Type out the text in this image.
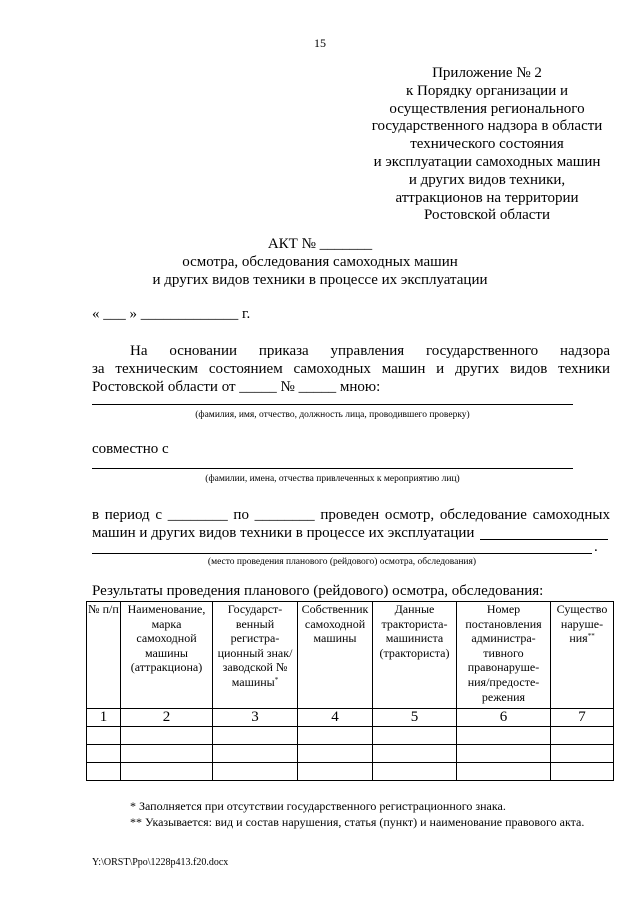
15
Приложение № 2
к Порядку организации и
осуществления регионального
государственного надзора в области
технического состояния
и эксплуатации самоходных машин
и других видов техники,
аттракционов на территории
Ростовской области
АКТ № _______
осмотра, обследования самоходных машин
и других видов техники в процессе их эксплуатации
« ___ » _____________ г.
На основании приказа управления государственного надзора
за техническим состоянием самоходных машин и других видов техники
Ростовской области от _____ № _____ мною:
(фамилия, имя, отчество, должность лица, проводившего проверку)
совместно с
(фамилии, имена, отчества привлеченных к мероприятию лиц)
в период с ________ по ________ проведен осмотр, обследование самоходных
машин и других видов техники в процессе их эксплуатации
.
(место проведения планового (рейдового) осмотра, обследования)
Результаты проведения планового (рейдового) осмотра, обследования:
№ п/п	Наименование, марка самоходной машины (аттракциона)	Государст-венный регистра-ционный знак/ заводской № машины*	Собственник самоходной машины	Данные тракториста-машиниста (тракториста)	Номер постановления администра-тивного правонаруше-ния/предосте-режения	Существо наруше-ния**
1	2	3	4	5	6	7

* Заполняется при отсутствии государственного регистрационного знака.
** Указывается: вид и состав нарушения, статья (пункт) и наименование правового акта.
Y:\ORST\Ppo\1228p413.f20.docx
